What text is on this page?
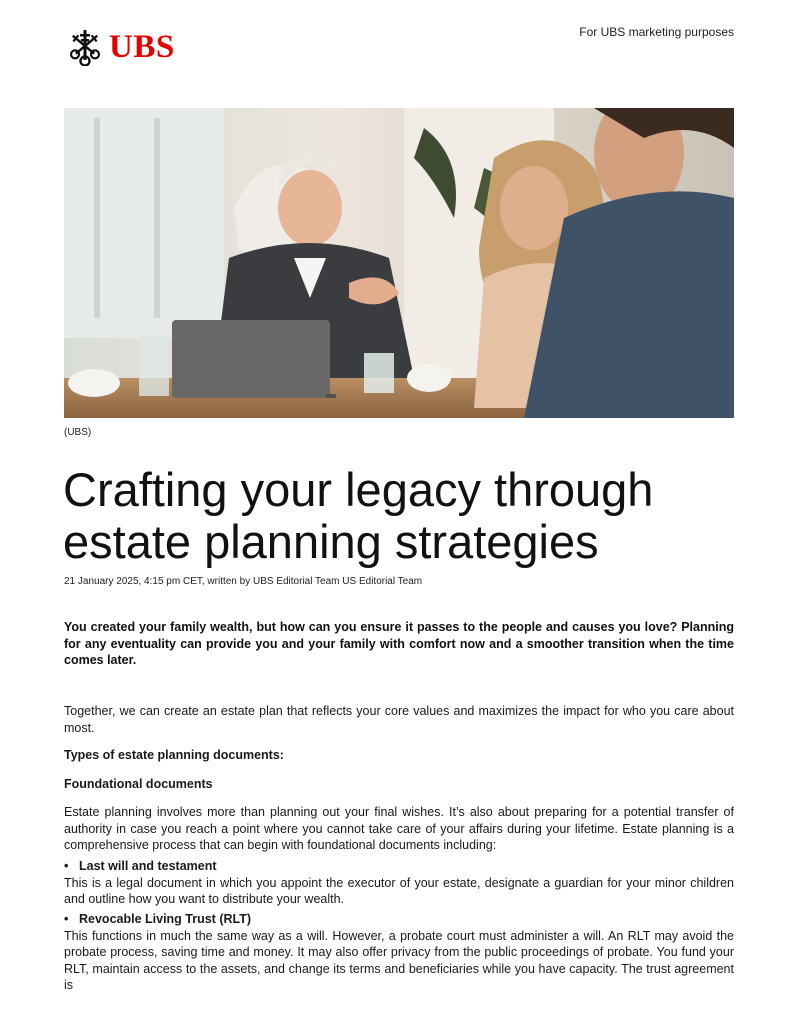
UBS	For UBS marketing purposes
(UBS)
Crafting your legacy through estate planning strategies
21 January 2025, 4:15 pm CET, written by UBS Editorial Team US Editorial Team
You created your family wealth, but how can you ensure it passes to the people and causes you love? Planning for any eventuality can provide you and your family with comfort now and a smoother transition when the time comes later.
Together, we can create an estate plan that reflects your core values and maximizes the impact for who you care about most.
Types of estate planning documents:
Foundational documents
Estate planning involves more than planning out your final wishes. It’s also about preparing for a potential transfer of authority in case you reach a point where you cannot take care of your affairs during your lifetime. Estate planning is a comprehensive process that can begin with foundational documents including:
• Last will and testament
This is a legal document in which you appoint the executor of your estate, designate a guardian for your minor children and outline how you want to distribute your wealth.
• Revocable Living Trust (RLT)
This functions in much the same way as a will. However, a probate court must administer a will. An RLT may avoid the probate process, saving time and money. It may also offer privacy from the public proceedings of probate. You fund your RLT, maintain access to the assets, and change its terms and beneficiaries while you have capacity. The trust agreement is
